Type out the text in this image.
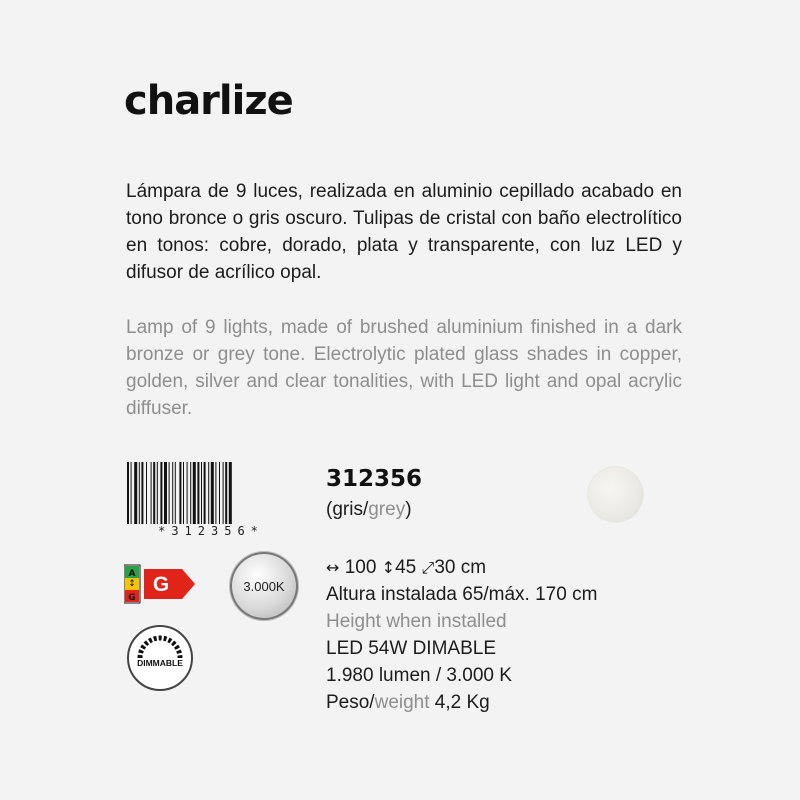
charlize
Lámpara de 9 luces, realizada en aluminio cepillado acabado en tono bronce o gris oscuro. Tulipas de cristal con baño electrolítico en tonos: cobre, dorado, plata y transparente, con luz LED y difusor de acrílico opal.
Lamp of 9 lights, made of brushed aluminium finished in a dark bronze or grey tone. Electrolytic plated glass shades in copper, golden, silver and clear tonalities, with LED light and opal acrylic diffuser.
*312356*
312356
(gris/grey)
A
↕
G
G	3.000K
DIMMABLE
↔ 100 ↕45 ⤢30 cm
Altura instalada 65/máx. 170 cm
Height when installed
LED 54W DIMABLE
1.980 lumen / 3.000 K
Peso/weight 4,2 Kg
